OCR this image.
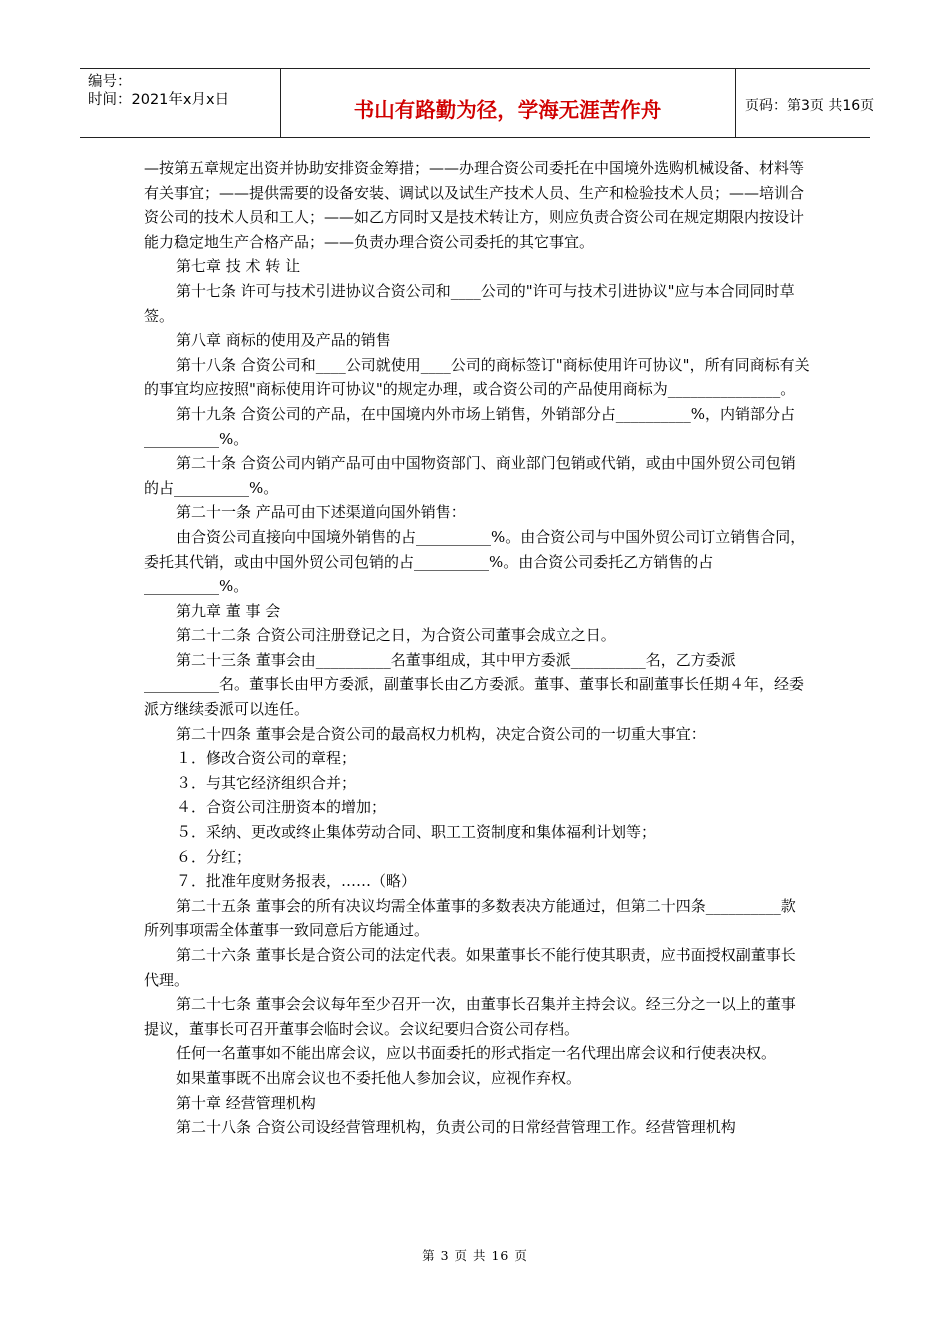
编号：
时间：2021年x月x日	书山有路勤为径，学海无涯苦作舟	页码：第3页 共16页

—按第五章规定出资并协助安排资金筹措；——办理合资公司委托在中国境外选购机械设备、材料等有关事宜；——提供需要的设备安装、调试以及试生产技术人员、生产和检验技术人员；——培训合资公司的技术人员和工人；——如乙方同时又是技术转让方，则应负责合资公司在规定期限内按设计能力稳定地生产合格产品；——负责办理合资公司委托的其它事宜。

第七章 技 术 转 让

第十七条 许可与技术引进协议合资公司和____公司的"许可与技术引进协议"应与本合同同时草签。

第八章 商标的使用及产品的销售

第十八条 合资公司和____公司就使用____公司的商标签订"商标使用许可协议"，所有同商标有关的事宜均应按照"商标使用许可协议"的规定办理，或合资公司的产品使用商标为_______________。

第十九条 合资公司的产品，在中国境内外市场上销售，外销部分占__________%，内销部分占__________%。

第二十条 合资公司内销产品可由中国物资部门、商业部门包销或代销，或由中国外贸公司包销的占__________%。

第二十一条 产品可由下述渠道向国外销售：

由合资公司直接向中国境外销售的占__________%。由合资公司与中国外贸公司订立销售合同，委托其代销，或由中国外贸公司包销的占__________%。由合资公司委托乙方销售的占__________%。

第九章 董 事 会

第二十二条 合资公司注册登记之日，为合资公司董事会成立之日。

第二十三条 董事会由__________名董事组成，其中甲方委派__________名，乙方委派__________名。董事长由甲方委派，副董事长由乙方委派。董事、董事长和副董事长任期４年，经委派方继续委派可以连任。

第二十四条 董事会是合资公司的最高权力机构，决定合资公司的一切重大事宜：

１．修改合资公司的章程；

３．与其它经济组织合并；

４．合资公司注册资本的增加；

５．采纳、更改或终止集体劳动合同、职工工资制度和集体福利计划等；

６．分红；

７．批准年度财务报表，……（略）

第二十五条 董事会的所有决议均需全体董事的多数表决方能通过，但第二十四条__________款所列事项需全体董事一致同意后方能通过。

第二十六条 董事长是合资公司的法定代表。如果董事长不能行使其职责，应书面授权副董事长代理。

第二十七条 董事会会议每年至少召开一次，由董事长召集并主持会议。经三分之一以上的董事提议，董事长可召开董事会临时会议。会议纪要归合资公司存档。

任何一名董事如不能出席会议，应以书面委托的形式指定一名代理出席会议和行使表决权。

如果董事既不出席会议也不委托他人参加会议，应视作弃权。

第十章 经营管理机构

第二十八条 合资公司设经营管理机构，负责公司的日常经营管理工作。经营管理机构

第 3 页 共 16 页
